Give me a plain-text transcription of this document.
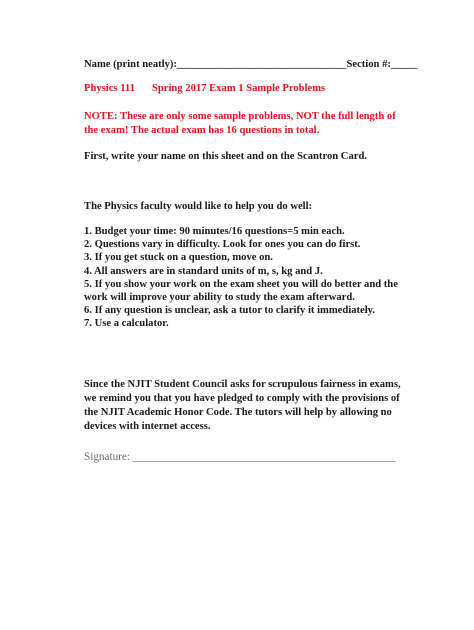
Name (print neatly):________________________________Section #:_____

Physics 111 Spring 2017 Exam 1 Sample Problems

NOTE: These are only some sample problems, NOT the full length of
the exam! The actual exam has 16 questions in total.

First, write your name on this sheet and on the Scantron Card.

The Physics faculty would like to help you do well:

1. Budget your time: 90 minutes/16 questions=5 min each.
2. Questions vary in difficulty. Look for ones you can do first.
3. If you get stuck on a question, move on.
4. All answers are in standard units of m, s, kg and J.
5. If you show your work on the exam sheet you will do better and the
work will improve your ability to study the exam afterward.
6. If any question is unclear, ask a tutor to clarify it immediately.
7. Use a calculator.

Since the NJIT Student Council asks for scrupulous fairness in exams,
we remind you that you have pledged to comply with the provisions of
the NJIT Academic Honor Code. The tutors will help by allowing no
devices with internet access.

Signature: _______________________________________________
